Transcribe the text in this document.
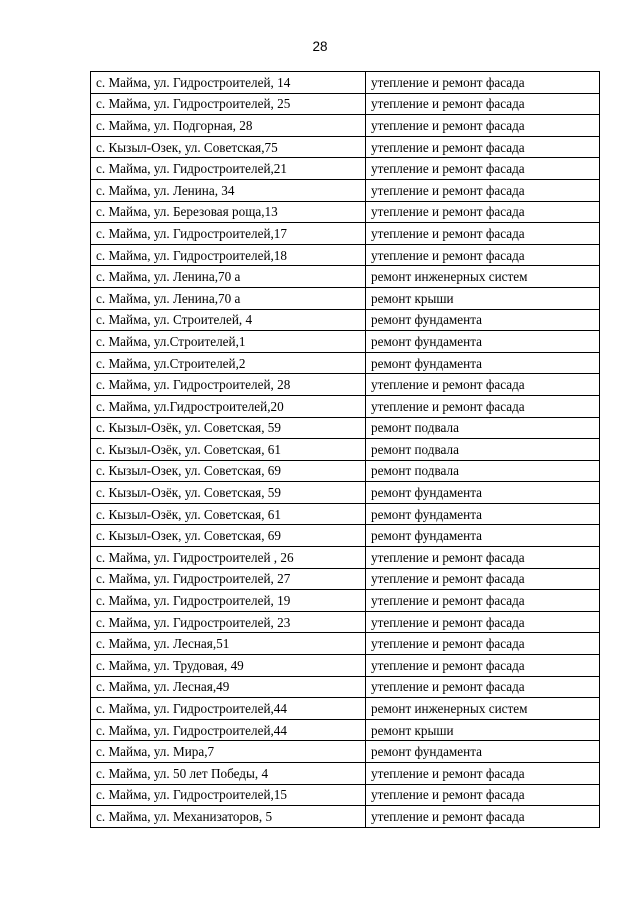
28
с. Майма, ул. Гидростроителей, 14	утепление и ремонт фасада
с. Майма, ул. Гидростроителей, 25	утепление и ремонт фасада
с. Майма, ул. Подгорная, 28	утепление и ремонт фасада
с. Кызыл-Озек, ул. Советская,75	утепление и ремонт фасада
с. Майма, ул. Гидростроителей,21	утепление и ремонт фасада
с. Майма, ул. Ленина, 34	утепление и ремонт фасада
с. Майма, ул. Березовая роща,13	утепление и ремонт фасада
с. Майма, ул. Гидростроителей,17	утепление и ремонт фасада
с. Майма, ул. Гидростроителей,18	утепление и ремонт фасада
с. Майма, ул. Ленина,70 а	ремонт инженерных систем
с. Майма, ул. Ленина,70 а	ремонт крыши
с. Майма, ул. Строителей, 4	ремонт фундамента
с. Майма, ул.Строителей,1	ремонт фундамента
с. Майма, ул.Строителей,2	ремонт фундамента
с. Майма, ул. Гидростроителей, 28	утепление и ремонт фасада
с. Майма, ул.Гидростроителей,20	утепление и ремонт фасада
с. Кызыл-Озёк, ул. Советская, 59	ремонт подвала
с. Кызыл-Озёк, ул. Советская, 61	ремонт подвала
с. Кызыл-Озек, ул. Советская, 69	ремонт подвала
с. Кызыл-Озёк, ул. Советская, 59	ремонт фундамента
с. Кызыл-Озёк, ул. Советская, 61	ремонт фундамента
с. Кызыл-Озек, ул. Советская, 69	ремонт фундамента
с. Майма, ул. Гидростроителей , 26	утепление и ремонт фасада
с. Майма, ул. Гидростроителей, 27	утепление и ремонт фасада
с. Майма, ул. Гидростроителей, 19	утепление и ремонт фасада
с. Майма, ул. Гидростроителей, 23	утепление и ремонт фасада
с. Майма, ул. Лесная,51	утепление и ремонт фасада
с. Майма, ул. Трудовая, 49	утепление и ремонт фасада
с. Майма, ул. Лесная,49	утепление и ремонт фасада
с. Майма, ул. Гидростроителей,44	ремонт инженерных систем
с. Майма, ул. Гидростроителей,44	ремонт крыши
с. Майма, ул. Мира,7	ремонт фундамента
с. Майма, ул. 50 лет Победы, 4	утепление и ремонт фасада
с. Майма, ул. Гидростроителей,15	утепление и ремонт фасада
с. Майма, ул. Механизаторов, 5	утепление и ремонт фасада
